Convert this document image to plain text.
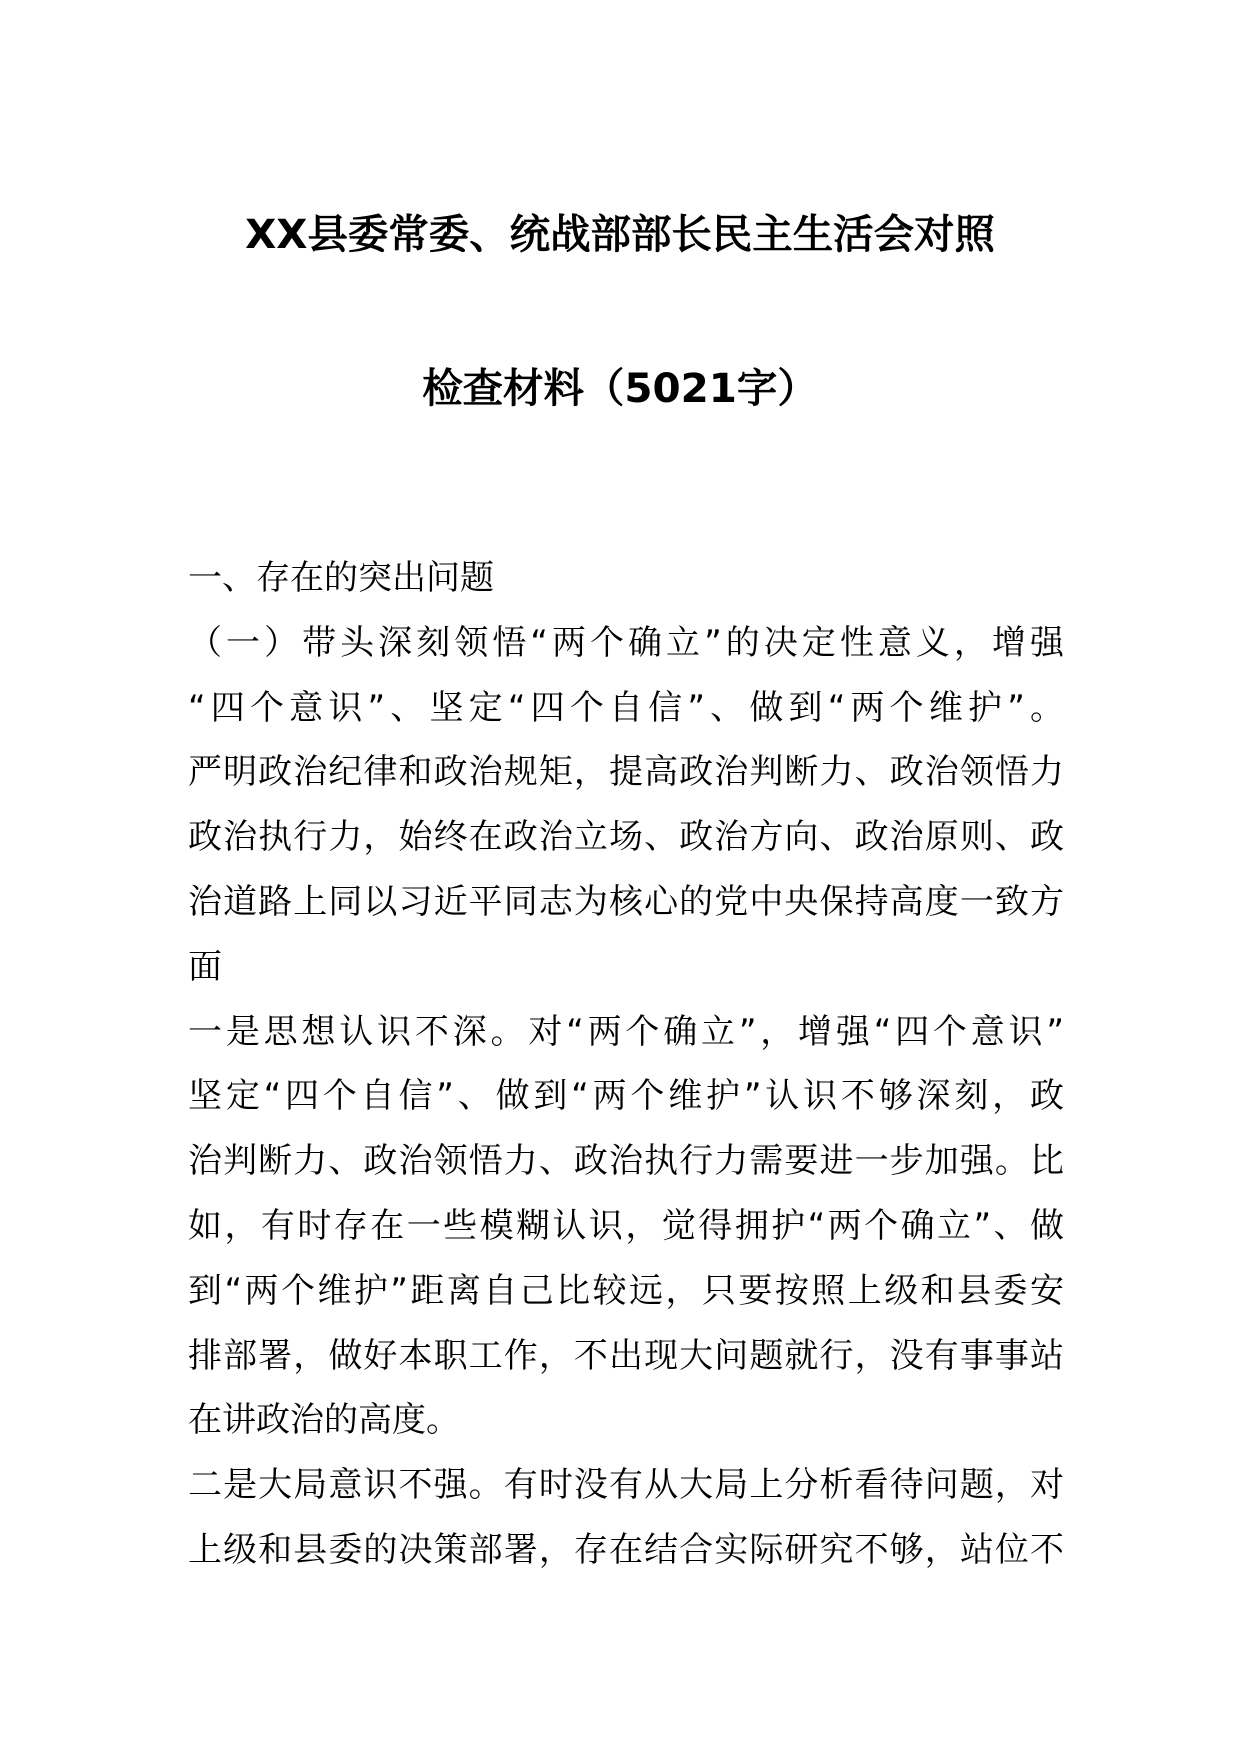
XX县委常委、统战部部长民主生活会对照
检查材料（5021字）
一、存在的突出问题
（一）带头深刻领悟“两个确立”的决定性意义，增强
“四个意识”、坚定“四个自信”、做到“两个维护”。
严明政治纪律和政治规矩，提高政治判断力、政治领悟力
政治执行力，始终在政治立场、政治方向、政治原则、政
治道路上同以习近平同志为核心的党中央保持高度一致方
面
一是思想认识不深。对“两个确立”，增强“四个意识”
坚定“四个自信”、做到“两个维护”认识不够深刻，政
治判断力、政治领悟力、政治执行力需要进一步加强。比
如，有时存在一些模糊认识，觉得拥护“两个确立”、做
到“两个维护”距离自己比较远，只要按照上级和县委安
排部署，做好本职工作，不出现大问题就行，没有事事站
在讲政治的高度。
二是大局意识不强。有时没有从大局上分析看待问题，对
上级和县委的决策部署，存在结合实际研究不够，站位不
